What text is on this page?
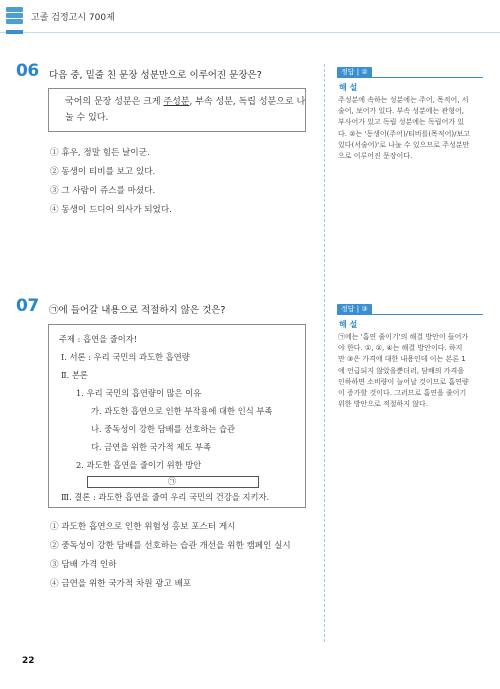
고졸 검정고시 700제
06 다음 중, 밑줄 친 문장 성분만으로 이루어진 문장은?
국어의 문장 성분은 크게 주성분, 부속 성분, 독립 성분으로 나
눌 수 있다.
① 휴우, 정말 힘든 날이군.
② 동생이 티비를 보고 있다.
③ 그 사람이 쥬스를 마셨다.
④ 동생이 드디어 의사가 되었다.
07 ㉠에 들어갈 내용으로 적절하지 않은 것은?
주제 : 흡연을 줄이자!
Ⅰ. 서론 : 우리 국민의 과도한 흡연량
Ⅱ. 본론
1. 우리 국민의 흡연량이 많은 이유
가. 과도한 흡연으로 인한 부작용에 대한 인식 부족
나. 중독성이 강한 담배를 선호하는 습관
다. 금연을 위한 국가적 제도 부족
2. 과도한 흡연을 줄이기 위한 방안
㉠
Ⅲ. 결론 : 과도한 흡연을 줄여 우리 국민의 건강을 지키자.
① 과도한 흡연으로 인한 위험성 홍보 포스터 게시
② 중독성이 강한 담배를 선호하는 습관 개선을 위한 캠페인 실시
③ 담배 가격 인하
④ 금연을 위한 국가적 차원 광고 배포
정답 | ②
해 설
주성분에 속하는 성분에는 주어, 목적어, 서
술어, 보어가 있다. 부속 성분에는 관형어,
부사어가 있고 독립 성분에는 독립어가 있
다. ②는 '동생이(주어)/티비를(목적어)/보고
있다(서술어)'로 나눌 수 있으므로 주성분만
으로 이루어진 문장이다.
정답 | ③
해 설
㉠에는 '흡연 줄이기'의 해결 방안이 들어가
야 한다. ①, ②, ④는 해결 방안이다. 하지
만 ③은 가격에 대한 내용인데 이는 본론 1
에 언급되지 않았을뿐더러, 담배의 가격을
인하하면 소비량이 늘어날 것이므로 흡연량
이 증가할 것이다. 그러므로 흡연을 줄이기
위한 방안으로 적절하지 않다.
22
